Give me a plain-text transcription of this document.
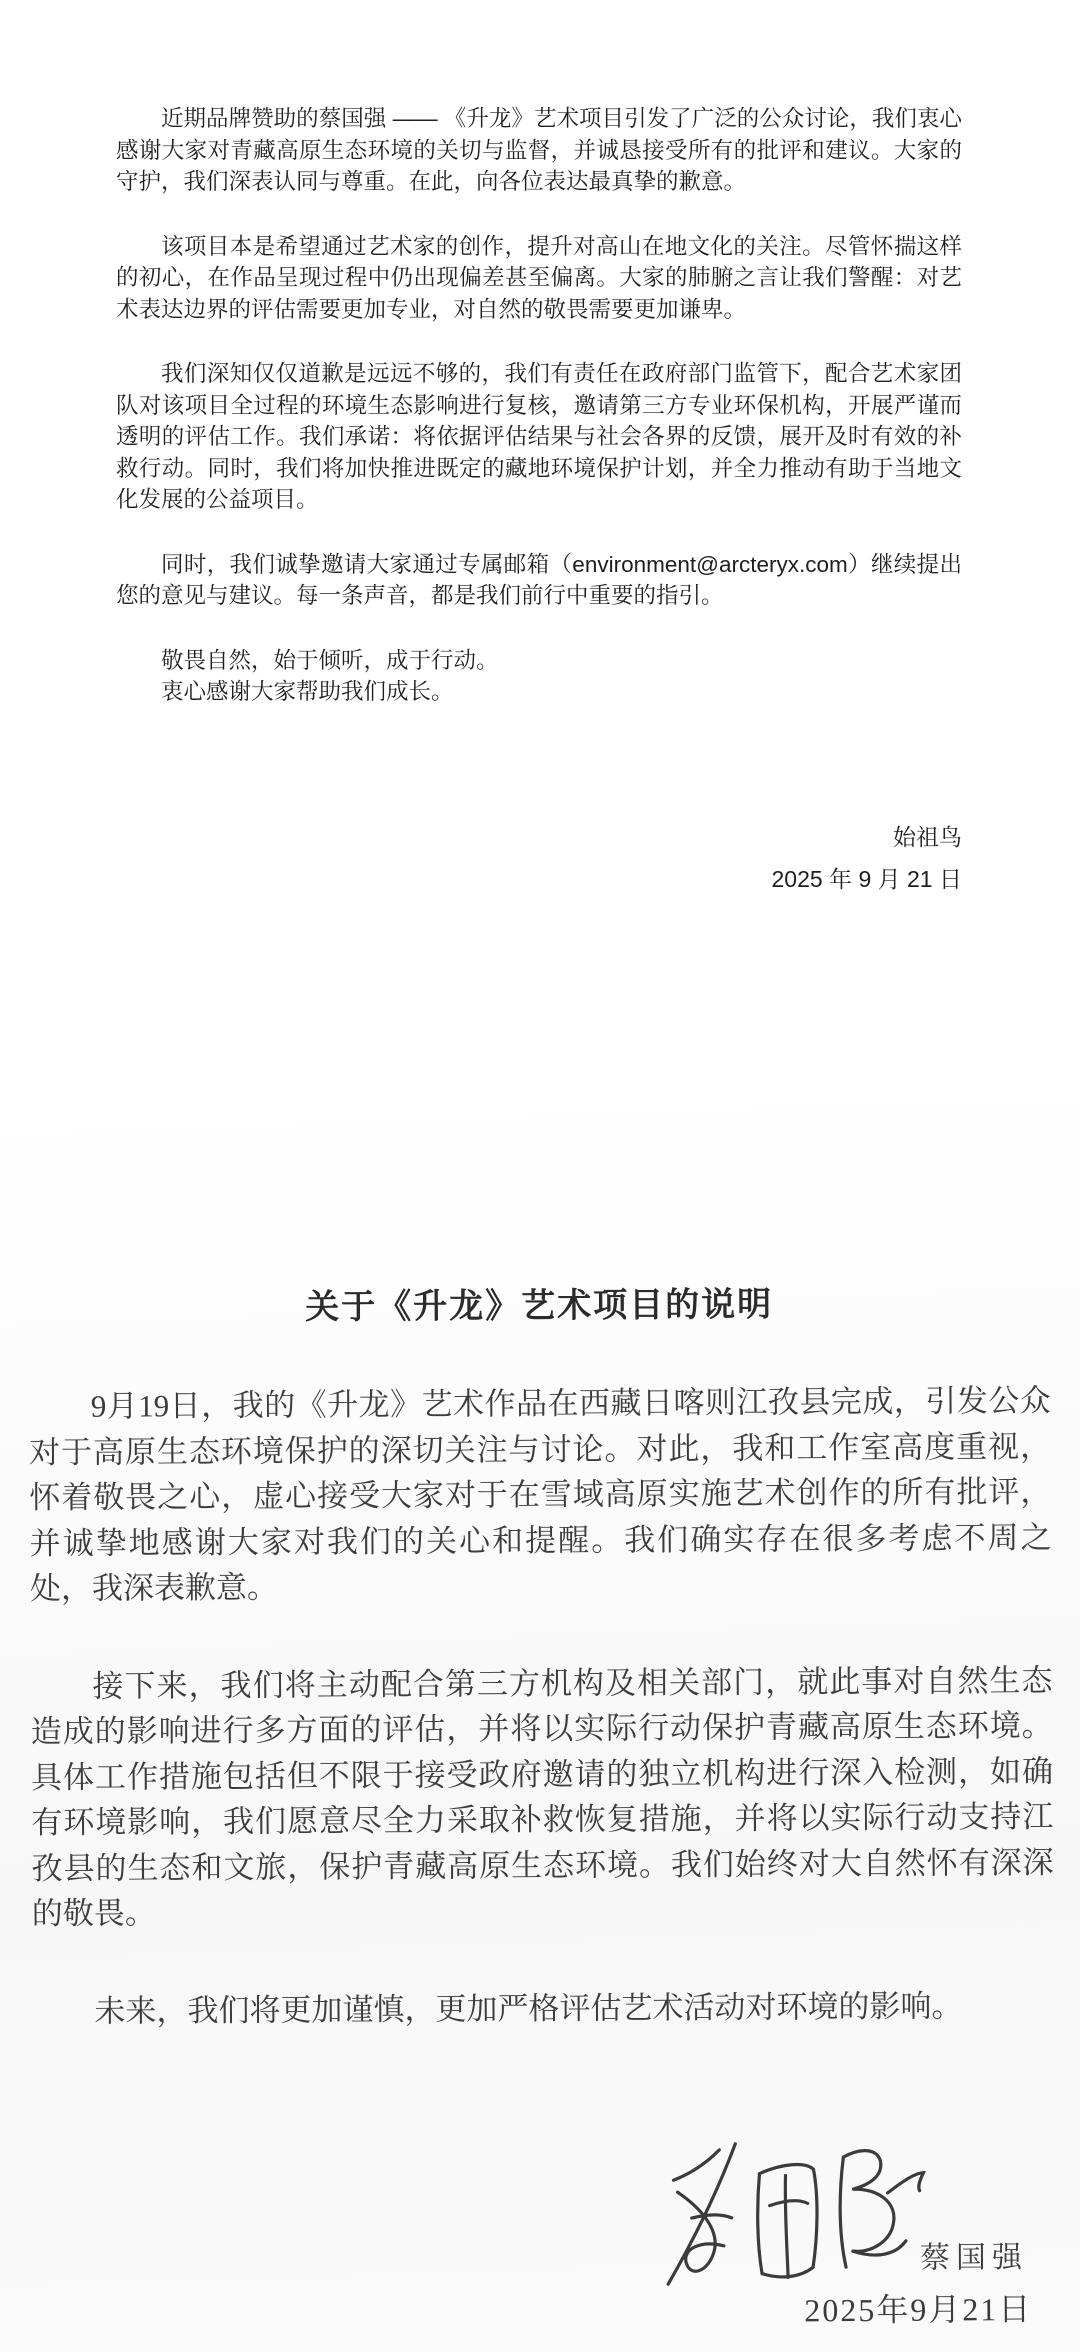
近期品牌赞助的蔡国强 —— 《升龙》艺术项目引发了广泛的公众讨论，我们衷心感谢大家对青藏高原生态环境的关切与监督，并诚恳接受所有的批评和建议。大家的守护，我们深表认同与尊重。在此，向各位表达最真挚的歉意。

该项目本是希望通过艺术家的创作，提升对高山在地文化的关注。尽管怀揣这样的初心，在作品呈现过程中仍出现偏差甚至偏离。大家的肺腑之言让我们警醒：对艺术表达边界的评估需要更加专业，对自然的敬畏需要更加谦卑。

我们深知仅仅道歉是远远不够的，我们有责任在政府部门监管下，配合艺术家团队对该项目全过程的环境生态影响进行复核，邀请第三方专业环保机构，开展严谨而透明的评估工作。我们承诺：将依据评估结果与社会各界的反馈，展开及时有效的补救行动。同时，我们将加快推进既定的藏地环境保护计划，并全力推动有助于当地文化发展的公益项目。

同时，我们诚挚邀请大家通过专属邮箱（environment@arcteryx.com）继续提出您的意见与建议。每一条声音，都是我们前行中重要的指引。

敬畏自然，始于倾听，成于行动。
衷心感谢大家帮助我们成长。
始祖鸟
2025 年 9 月 21 日
关于《升龙》艺术项目的说明

9月19日，我的《升龙》艺术作品在西藏日喀则江孜县完成，引发公众对于高原生态环境保护的深切关注与讨论。对此，我和工作室高度重视，怀着敬畏之心，虚心接受大家对于在雪域高原实施艺术创作的所有批评，并诚挚地感谢大家对我们的关心和提醒。我们确实存在很多考虑不周之处，我深表歉意。

接下来，我们将主动配合第三方机构及相关部门，就此事对自然生态造成的影响进行多方面的评估，并将以实际行动保护青藏高原生态环境。具体工作措施包括但不限于接受政府邀请的独立机构进行深入检测，如确有环境影响，我们愿意尽全力采取补救恢复措施，并将以实际行动支持江孜县的生态和文旅，保护青藏高原生态环境。我们始终对大自然怀有深深的敬畏。

未来，我们将更加谨慎，更加严格评估艺术活动对环境的影响。

蔡国强
2025年9月21日
